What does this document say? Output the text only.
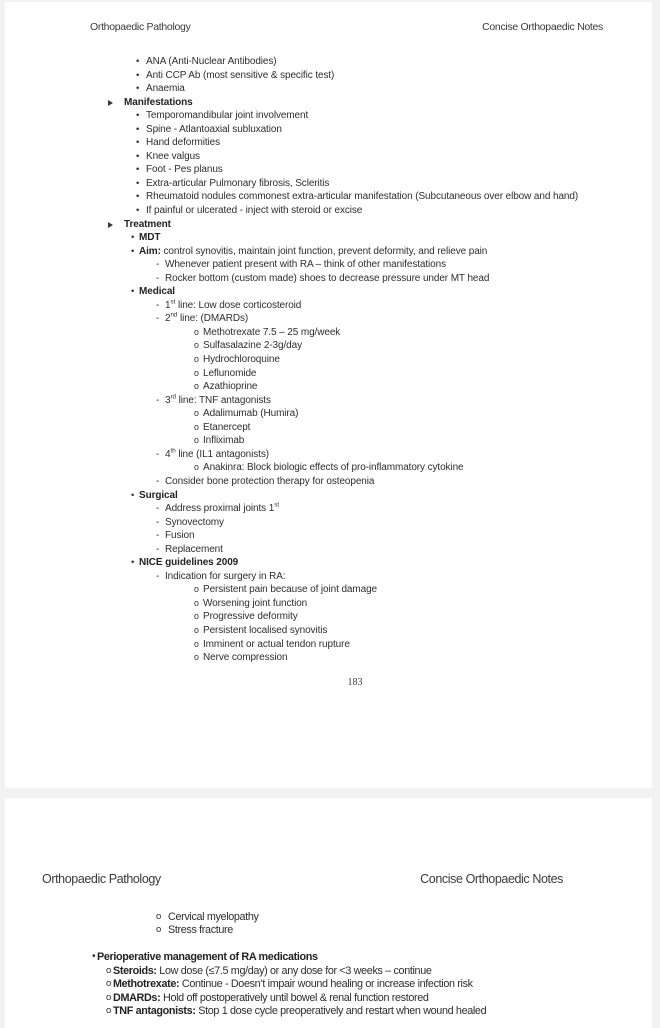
Orthopaedic Pathology	Concise Orthopaedic Notes
• ANA (Anti-Nuclear Antibodies)
• Anti CCP Ab (most sensitive & specific test)
• Anaemia
Manifestations
• Temporomandibular joint involvement
• Spine - Atlantoaxial subluxation
• Hand deformities
• Knee valgus
• Foot - Pes planus
• Extra-articular Pulmonary fibrosis, Scleritis
• Rheumatoid nodules commonest extra-articular manifestation (Subcutaneous over elbow and hand)
• If painful or ulcerated - inject with steroid or excise
Treatment
• MDT
• Aim: control synovitis, maintain joint function, prevent deformity, and relieve pain
- Whenever patient present with RA – think of other manifestations
- Rocker bottom (custom made) shoes to decrease pressure under MT head
• Medical
- 1st line: Low dose corticosteroid
- 2nd line: (DMARDs)
o Methotrexate 7.5 – 25 mg/week
o Sulfasalazine 2-3g/day
o Hydrochloroquine
o Leflunomide
o Azathioprine
- 3rd line: TNF antagonists
o Adalimumab (Humira)
o Etanercept
o Infliximab
- 4th line (IL1 antagonists)
o Anakinra: Block biologic effects of pro-inflammatory cytokine
- Consider bone protection therapy for osteopenia
• Surgical
- Address proximal joints 1st
- Synovectomy
- Fusion
- Replacement
• NICE guidelines 2009
- Indication for surgery in RA:
o Persistent pain because of joint damage
o Worsening joint function
o Progressive deformity
o Persistent localised synovitis
o Imminent or actual tendon rupture
o Nerve compression
183
Orthopaedic Pathology	Concise Orthopaedic Notes
o Cervical myelopathy
o Stress fracture
• Perioperative management of RA medications
o Steroids: Low dose (≤7.5 mg/day) or any dose for <3 weeks – continue
o Methotrexate: Continue - Doesn’t impair wound healing or increase infection risk
o DMARDs: Hold off postoperatively until bowel & renal function restored
o TNF antagonists: Stop 1 dose cycle preoperatively and restart when wound healed
